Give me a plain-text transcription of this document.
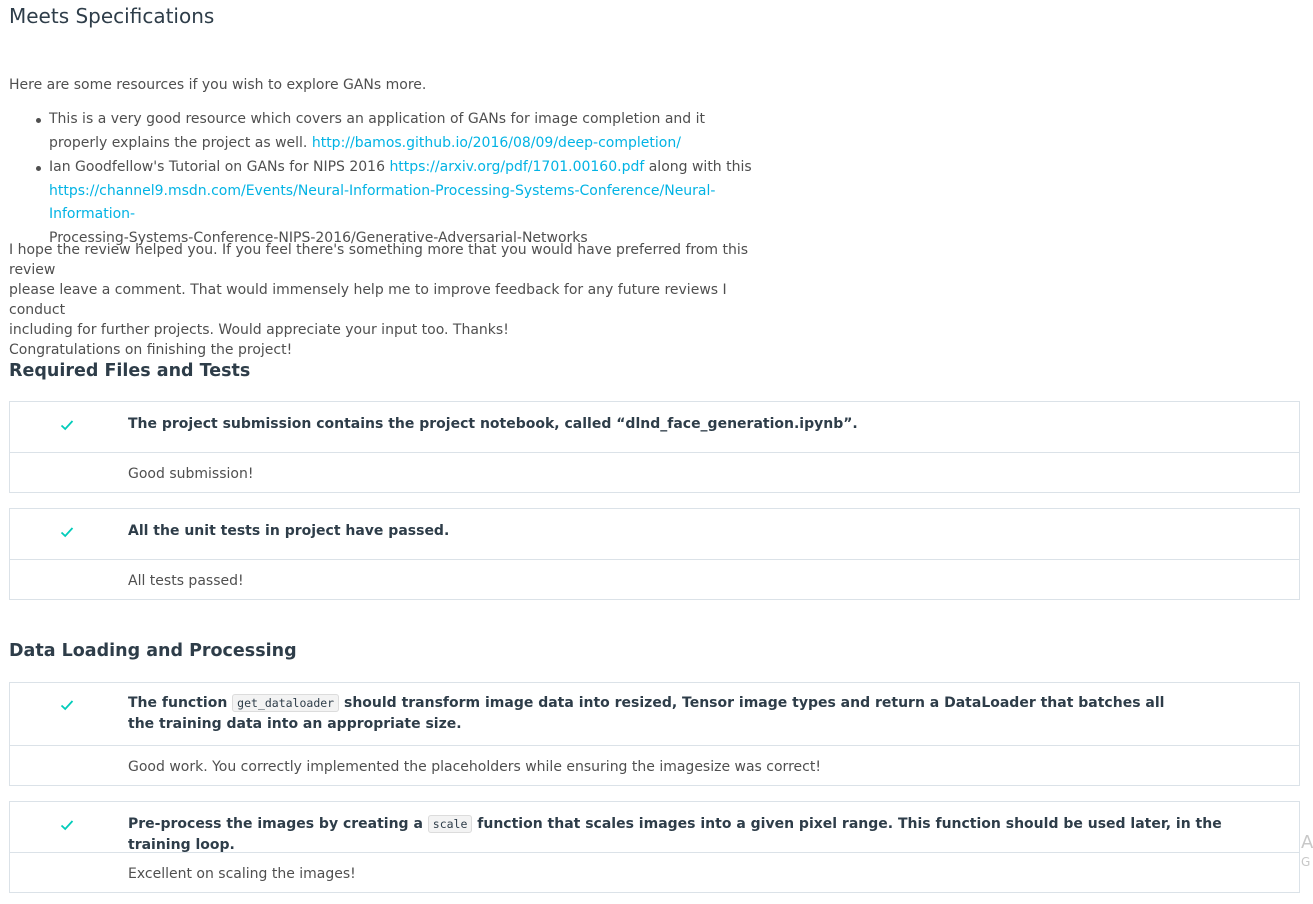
Meets Specifications

Here are some resources if you wish to explore GANs more.

This is a very good resource which covers an application of GANs for image completion and it properly explains the project as well. http://bamos.github.io/2016/08/09/deep-completion/
Ian Goodfellow's Tutorial on GANs for NIPS 2016 https://arxiv.org/pdf/1701.00160.pdf along with this
https://channel9.msdn.com/Events/Neural-Information-Processing-Systems-Conference/Neural-Information-
Processing-Systems-Conference-NIPS-2016/Generative-Adversarial-Networks

I hope the review helped you. If you feel there's something more that you would have preferred from this review

please leave a comment. That would immensely help me to improve feedback for any future reviews I conduct

including for further projects. Would appreciate your input too. Thanks!

Congratulations on finishing the project!

Required Files and Tests
The project submission contains the project notebook, called “dlnd_face_generation.ipynb”.
Good submission!
All the unit tests in project have passed.
All tests passed!
Data Loading and Processing
The function get_dataloader should transform image data into resized, Tensor image types and return a DataLoader that batches all the training data into an appropriate size.
Good work. You correctly implemented the placeholders while ensuring the imagesize was correct!
Pre-process the images by creating a scale function that scales images into a given pixel range. This function should be used later, in the training loop.
Excellent on scaling the images!
A
G
